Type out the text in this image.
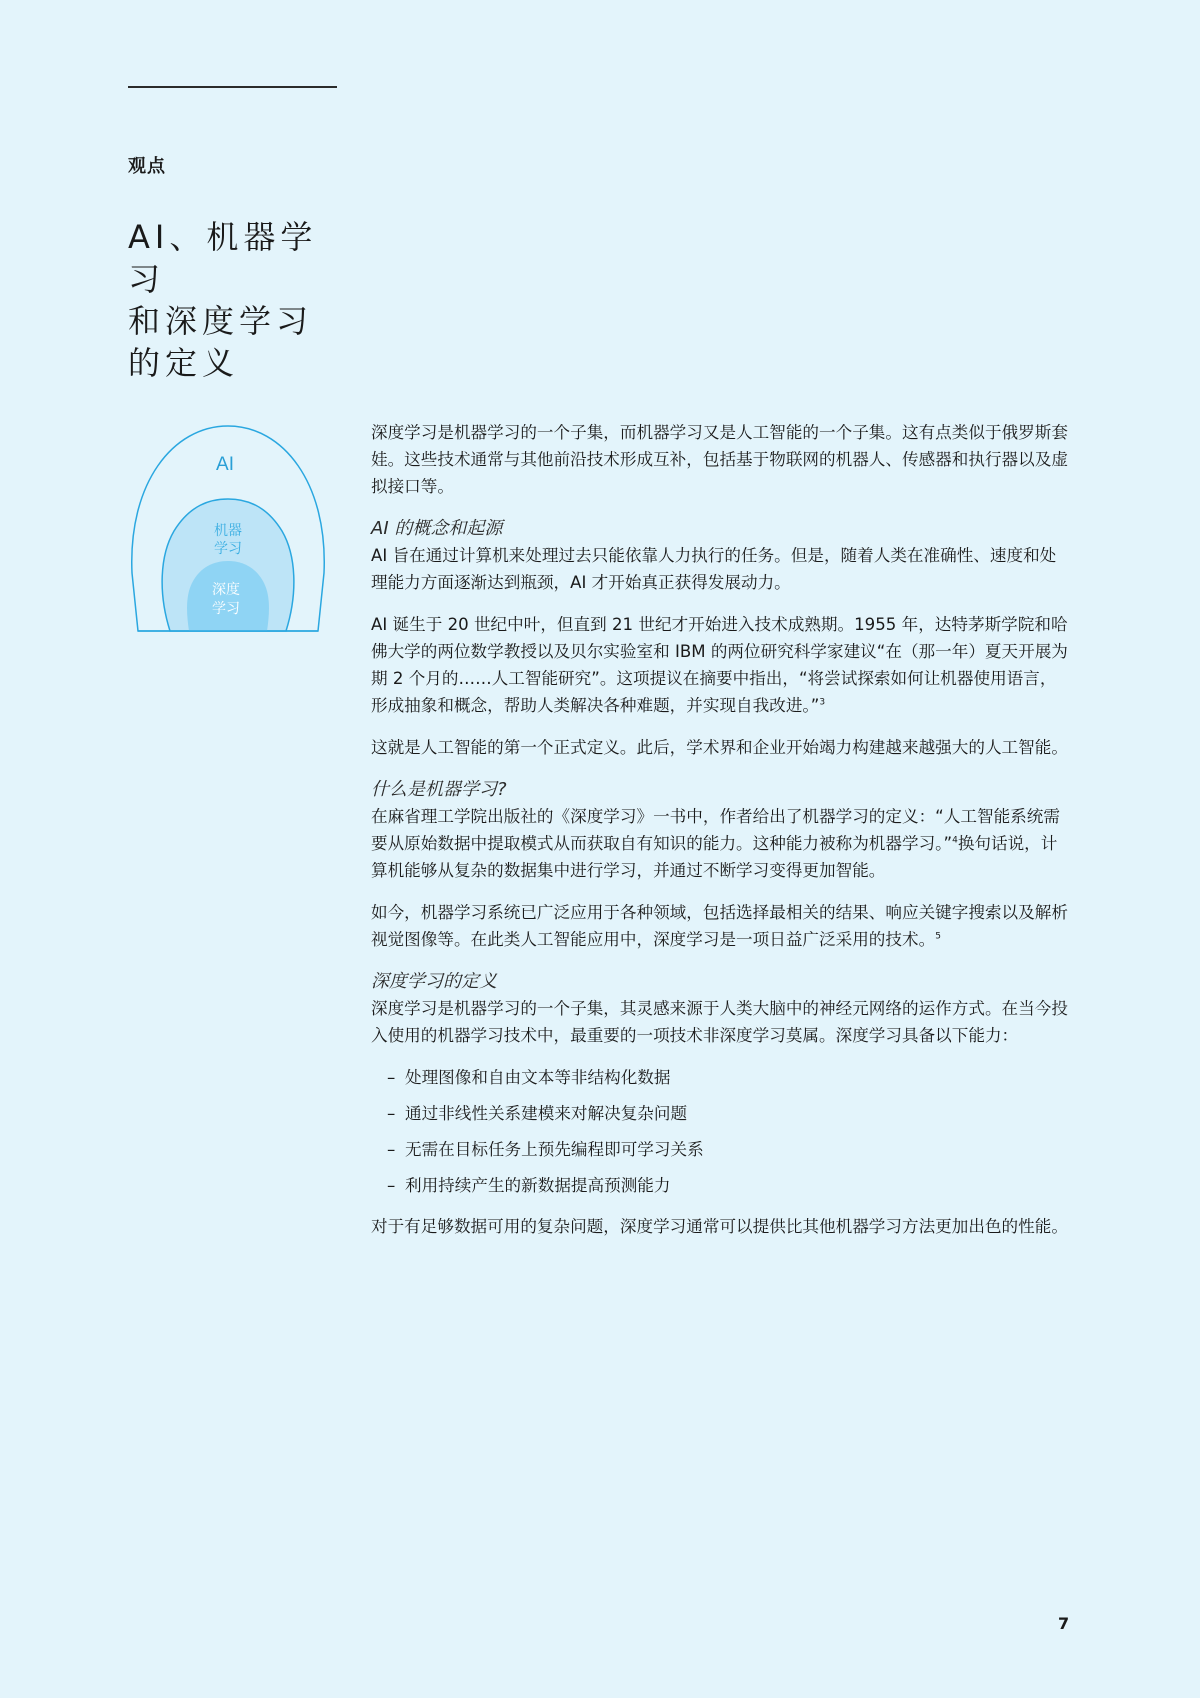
观点
AI、机器学习
和深度学习
的定义
AI
机器
学习
深度
学习

深度学习是机器学习的一个子集，而机器学习又是人工智能的一个子集。这有点类似于俄罗斯套娃。这些技术通常与其他前沿技术形成互补，包括基于物联网的机器人、传感器和执行器以及虚拟接口等。

AI 的概念和起源

AI 旨在通过计算机来处理过去只能依靠人力执行的任务。但是，随着人类在准确性、速度和处理能力方面逐渐达到瓶颈，AI 才开始真正获得发展动力。

AI 诞生于 20 世纪中叶，但直到 21 世纪才开始进入技术成熟期。1955 年，达特茅斯学院和哈佛大学的两位数学教授以及贝尔实验室和 IBM 的两位研究科学家建议“在（那一年）夏天开展为期 2 个月的……人工智能研究”。这项提议在摘要中指出，“将尝试探索如何让机器使用语言，形成抽象和概念，帮助人类解决各种难题，并实现自我改进。”$^3$

这就是人工智能的第一个正式定义。此后，学术界和企业开始竭力构建越来越强大的人工智能。

什么是机器学习?

在麻省理工学院出版社的《深度学习》一书中，作者给出了机器学习的定义：“人工智能系统需要从原始数据中提取模式从而获取自有知识的能力。这种能力被称为机器学习。”$^4$换句话说，计算机能够从复杂的数据集中进行学习，并通过不断学习变得更加智能。

如今，机器学习系统已广泛应用于各种领域，包括选择最相关的结果、响应关键字搜索以及解析视觉图像等。在此类人工智能应用中，深度学习是一项日益广泛采用的技术。$^5$

深度学习的定义

深度学习是机器学习的一个子集，其灵感来源于人类大脑中的神经元网络的运作方式。在当今投入使用的机器学习技术中，最重要的一项技术非深度学习莫属。深度学习具备以下能力：

– 处理图像和自由文本等非结构化数据
– 通过非线性关系建模来对解决复杂问题
– 无需在目标任务上预先编程即可学习关系
– 利用持续产生的新数据提高预测能力

对于有足够数据可用的复杂问题，深度学习通常可以提供比其他机器学习方法更加出色的性能。

7
